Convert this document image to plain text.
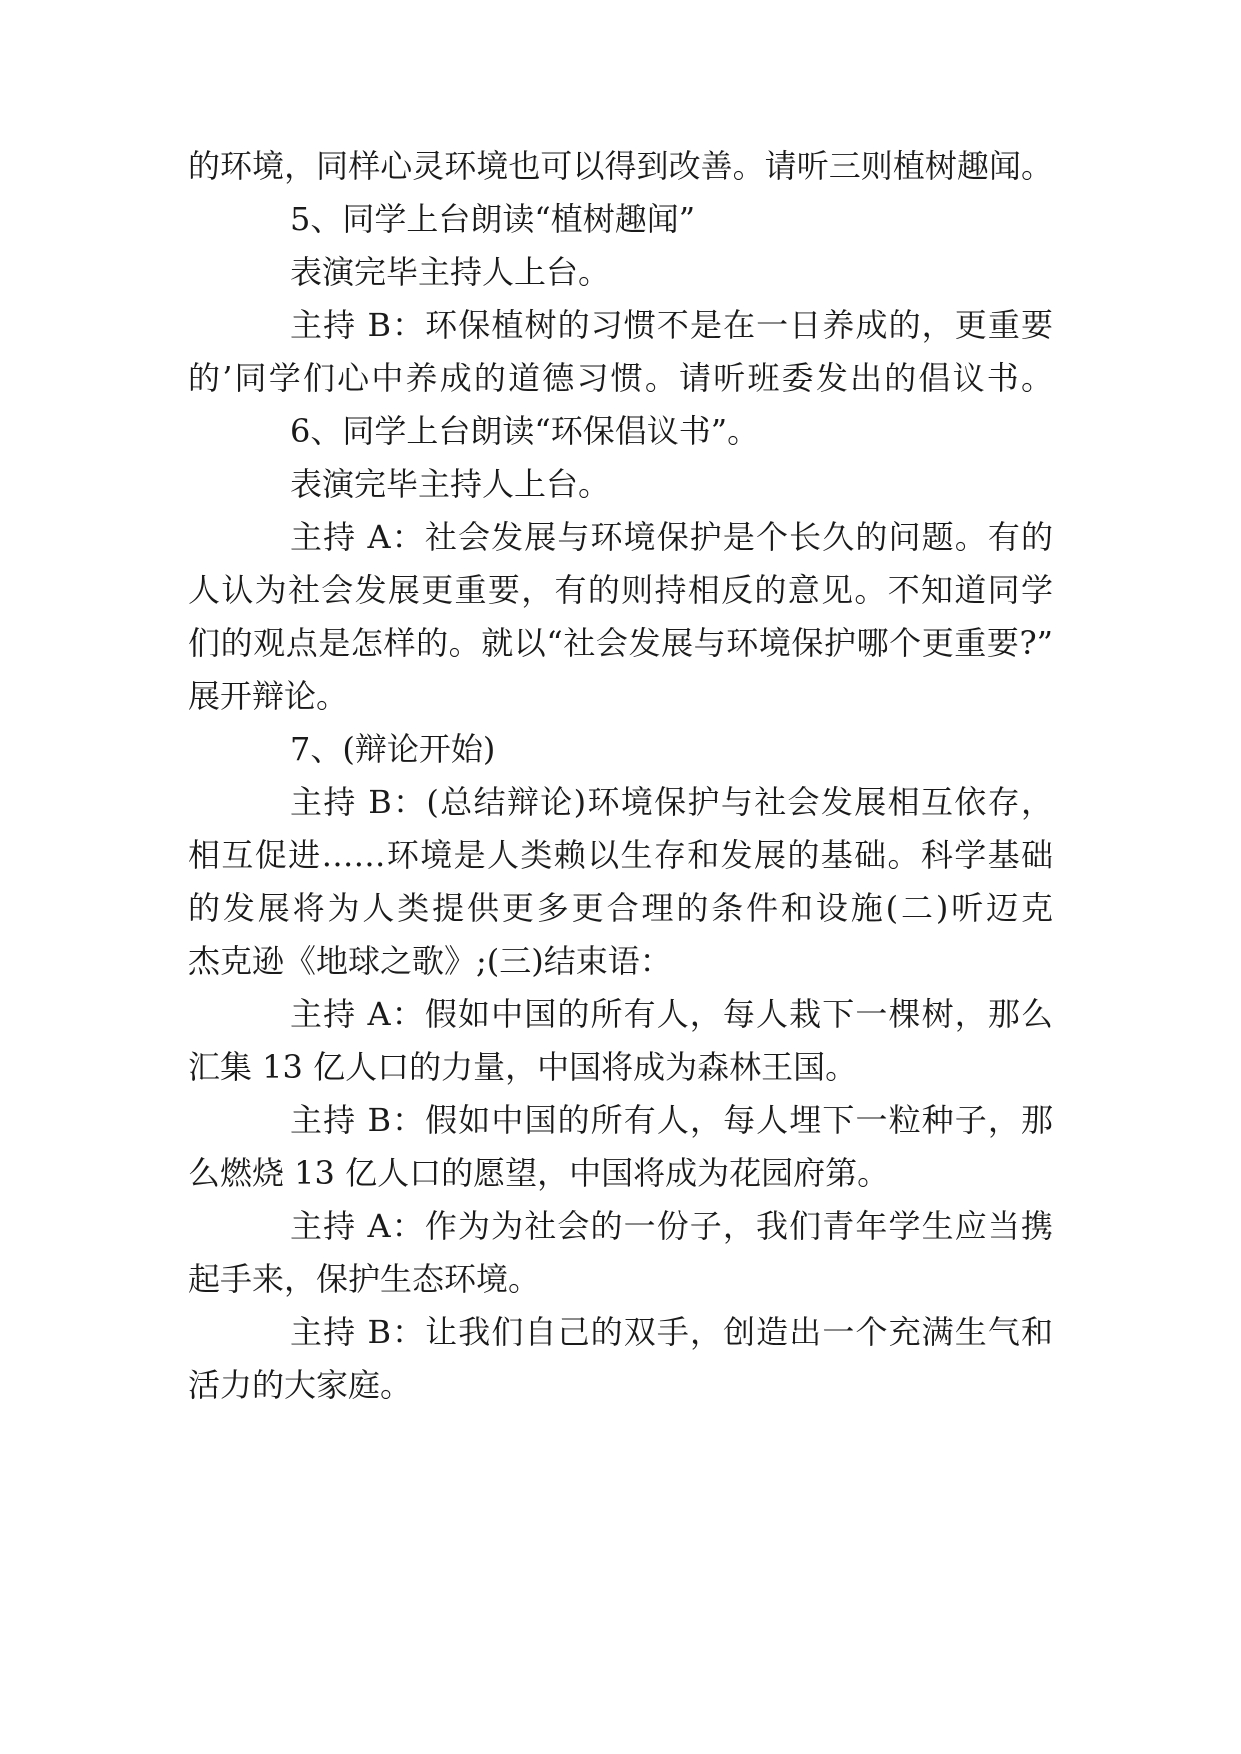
的环境，同样心灵环境也可以得到改善。请听三则植树趣闻。

5、同学上台朗读“植树趣闻”

表演完毕主持人上台。

主持 B：环保植树的习惯不是在一日养成的，更重要

的’同学们心中养成的道德习惯。请听班委发出的倡议书。

6、同学上台朗读“环保倡议书”。

表演完毕主持人上台。

主持 A：社会发展与环境保护是个长久的问题。有的

人认为社会发展更重要，有的则持相反的意见。不知道同学

们的观点是怎样的。就以“社会发展与环境保护哪个更重要?”

展开辩论。

7、(辩论开始)

主持 B：(总结辩论)环境保护与社会发展相互依存，

相互促进……环境是人类赖以生存和发展的基础。科学基础

的发展将为人类提供更多更合理的条件和设施(二)听迈克

杰克逊《地球之歌》;(三)结束语：

主持 A：假如中国的所有人，每人栽下一棵树，那么

汇集 13 亿人口的力量，中国将成为森林王国。

主持 B：假如中国的所有人，每人埋下一粒种子，那

么燃烧 13 亿人口的愿望，中国将成为花园府第。

主持 A：作为为社会的一份子，我们青年学生应当携

起手来，保护生态环境。

主持 B：让我们自己的双手，创造出一个充满生气和

活力的大家庭。
